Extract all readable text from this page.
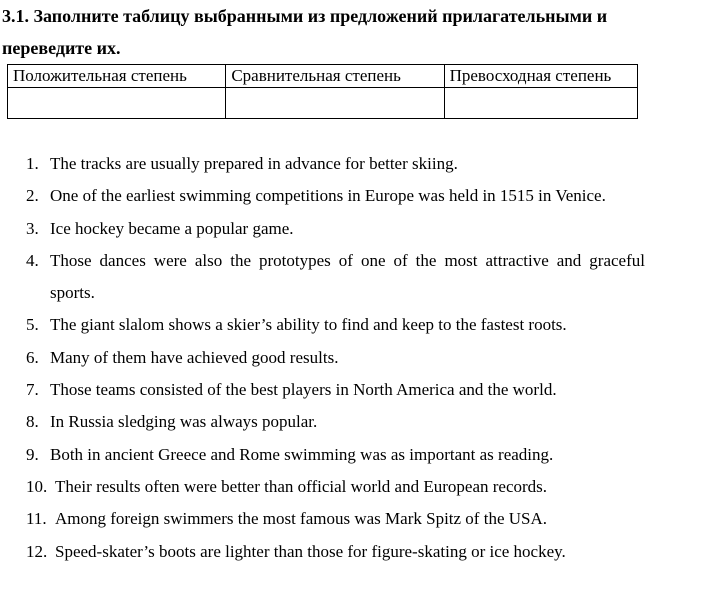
3.1. Заполните таблицу выбранными из предложений прилагательными и
переведите их.
Положительная степень	Сравнительная степень	Превосходная степень

1. The tracks are usually prepared in advance for better skiing.
2. One of the earliest swimming competitions in Europe was held in 1515 in Venice.
3. Ice hockey became a popular game.
4. Those dances were also the prototypes of one of the most attractive and graceful sports.
5. The giant slalom shows a skier’s ability to find and keep to the fastest roots.
6. Many of them have achieved good results.
7. Those teams consisted of the best players in North America and the world.
8. In Russia sledging was always popular.
9. Both in ancient Greece and Rome swimming was as important as reading.
10. Their results often were better than official world and European records.
11. Among foreign swimmers the most famous was Mark Spitz of the USA.
12. Speed-skater’s boots are lighter than those for figure-skating or ice hockey.
